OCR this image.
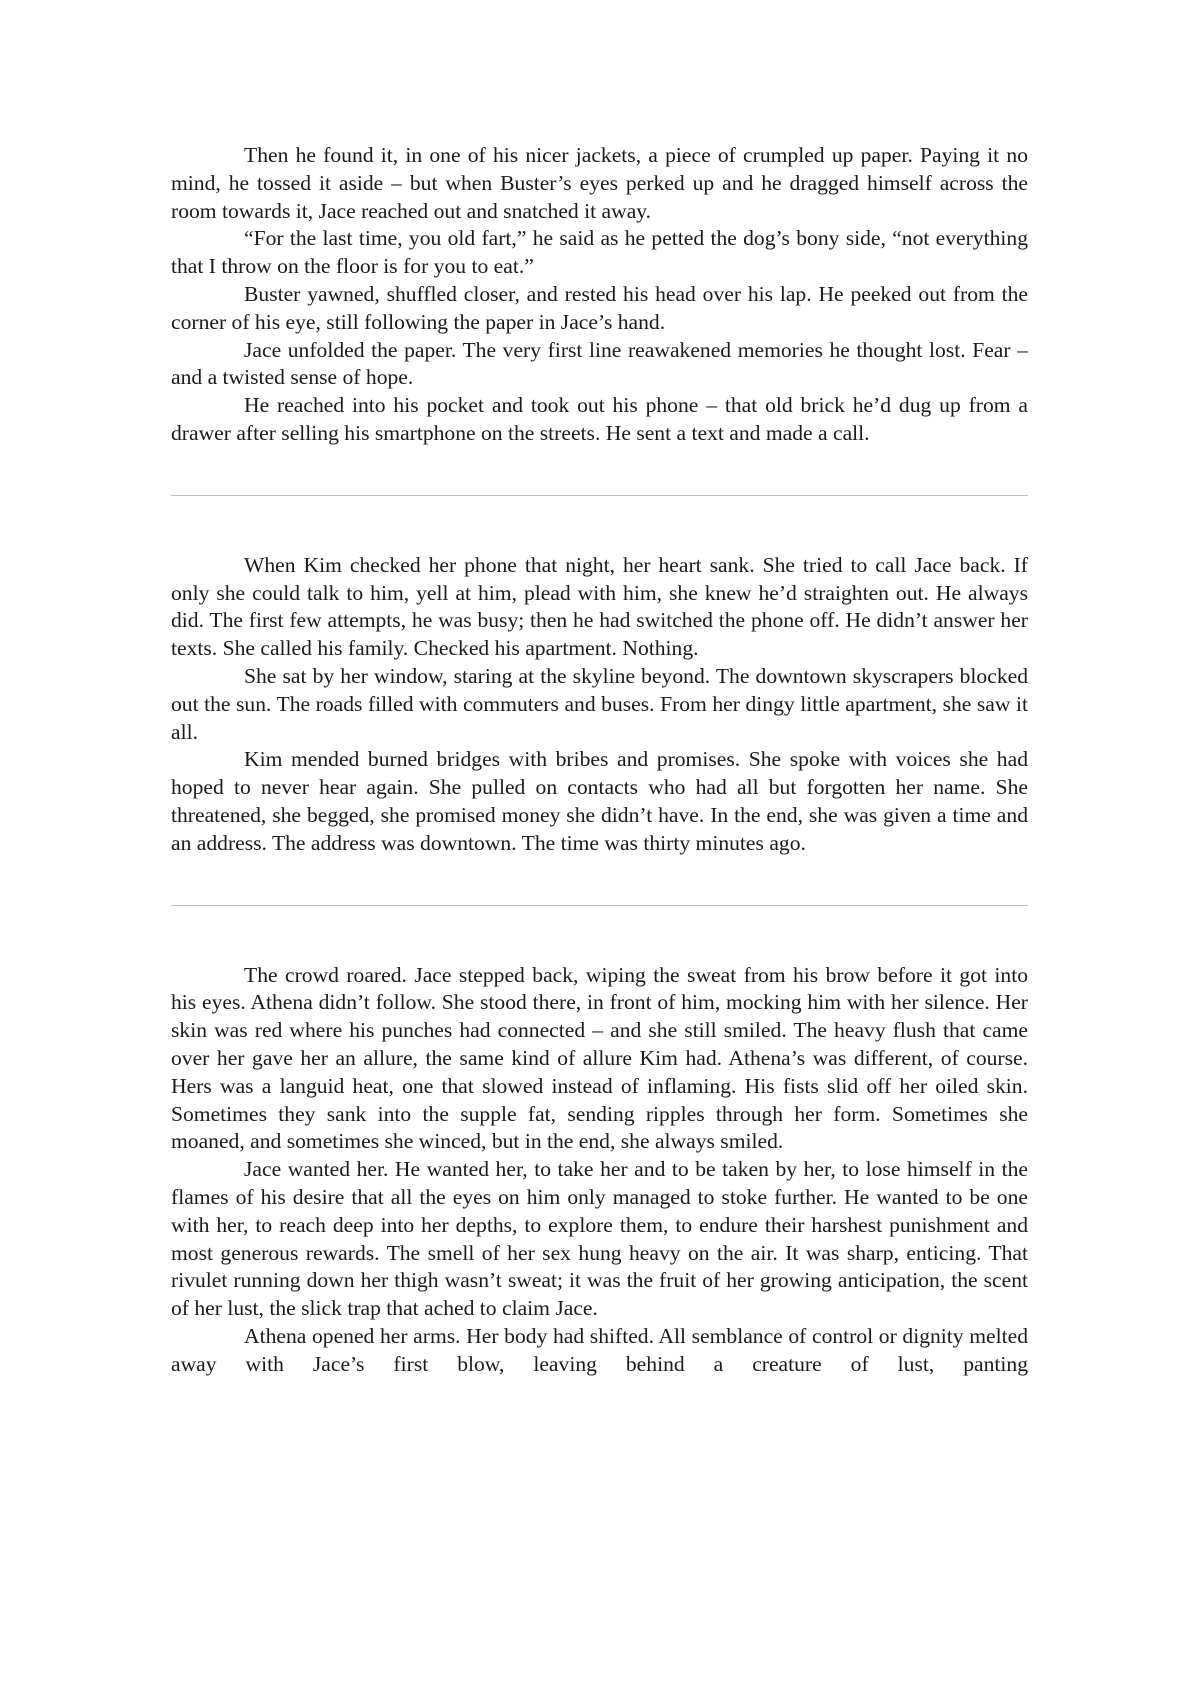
Then he found it, in one of his nicer jackets, a piece of crumpled up paper. Paying it no mind, he tossed it aside – but when Buster’s eyes perked up and he dragged himself across the room towards it, Jace reached out and snatched it away.

“For the last time, you old fart,” he said as he petted the dog’s bony side, “not everything that I throw on the floor is for you to eat.”

Buster yawned, shuffled closer, and rested his head over his lap. He peeked out from the corner of his eye, still following the paper in Jace’s hand.

Jace unfolded the paper. The very first line reawakened memories he thought lost. Fear – and a twisted sense of hope.

He reached into his pocket and took out his phone – that old brick he’d dug up from a drawer after selling his smartphone on the streets. He sent a text and made a call.

When Kim checked her phone that night, her heart sank. She tried to call Jace back. If only she could talk to him, yell at him, plead with him, she knew he’d straighten out. He always did. The first few attempts, he was busy; then he had switched the phone off. He didn’t answer her texts. She called his family. Checked his apartment. Nothing.

She sat by her window, staring at the skyline beyond. The downtown skyscrapers blocked out the sun. The roads filled with commuters and buses. From her dingy little apartment, she saw it all.

Kim mended burned bridges with bribes and promises. She spoke with voices she had hoped to never hear again. She pulled on contacts who had all but forgotten her name. She threatened, she begged, she promised money she didn’t have. In the end, she was given a time and an address. The address was downtown. The time was thirty minutes ago.

The crowd roared. Jace stepped back, wiping the sweat from his brow before it got into his eyes. Athena didn’t follow. She stood there, in front of him, mocking him with her silence. Her skin was red where his punches had connected – and she still smiled. The heavy flush that came over her gave her an allure, the same kind of allure Kim had. Athena’s was different, of course. Hers was a languid heat, one that slowed instead of inflaming. His fists slid off her oiled skin. Sometimes they sank into the supple fat, sending ripples through her form. Sometimes she moaned, and sometimes she winced, but in the end, she always smiled.

Jace wanted her. He wanted her, to take her and to be taken by her, to lose himself in the flames of his desire that all the eyes on him only managed to stoke further. He wanted to be one with her, to reach deep into her depths, to explore them, to endure their harshest punishment and most generous rewards. The smell of her sex hung heavy on the air. It was sharp, enticing. That rivulet running down her thigh wasn’t sweat; it was the fruit of her growing anticipation, the scent of her lust, the slick trap that ached to claim Jace.

Athena opened her arms. Her body had shifted. All semblance of control or dignity melted away with Jace’s first blow, leaving behind a creature of lust, panting
